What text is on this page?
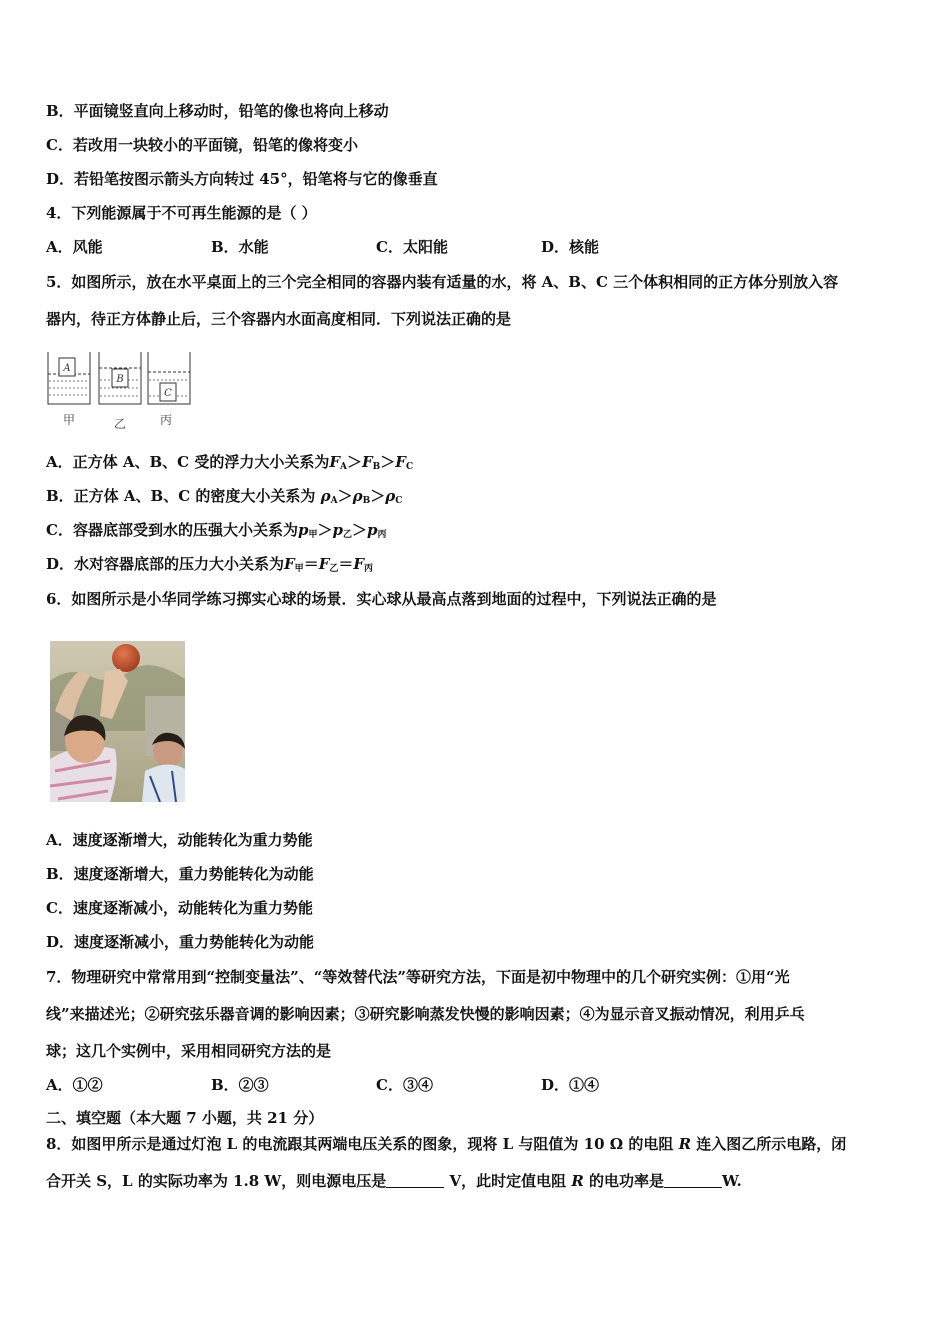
B．平面镜竖直向上移动时，铅笔的像也将向上移动
C．若改用一块较小的平面镜，铅笔的像将变小
D．若铅笔按图示箭头方向转过 45°，铅笔将与它的像垂直
4．下列能源属于不可再生能源的是（ ）
A．风能	B．水能	C．太阳能	D．核能
5．如图所示，放在水平桌面上的三个完全相同的容器内装有适量的水，将 A、B、C 三个体积相同的正方体分别放入容
器内，待正方体静止后，三个容器内水面高度相同．下列说法正确的是
A
B
C
甲	乙	丙
A．正方体 A、B、C 受的浮力大小关系为$F_A>F_B>F_C$
B．正方体 A、B、C 的密度大小关系为 $\rho_A>\rho_B>\rho_C$
C．容器底部受到水的压强大小关系为$p_甲>p_乙>p_丙$
D．水对容器底部的压力大小关系为$F_甲=F_乙=F_丙$
6．如图所示是小华同学练习掷实心球的场景．实心球从最高点落到地面的过程中，下列说法正确的是
A．速度逐渐增大，动能转化为重力势能
B．速度逐渐增大，重力势能转化为动能
C．速度逐渐减小，动能转化为重力势能
D．速度逐渐减小，重力势能转化为动能
7．物理研究中常常用到“控制变量法”、“等效替代法”等研究方法，下面是初中物理中的几个研究实例：①用“光
线”来描述光；②研究弦乐器音调的影响因素；③研究影响蒸发快慢的影响因素；④为显示音叉振动情况，利用乒乓
球；这几个实例中，采用相同研究方法的是
A．①②	B．②③	C．③④	D．①④
二、填空题（本大题 7 小题，共 21 分）
8．如图甲所示是通过灯泡 L 的电流跟其两端电压关系的图象，现将 L 与阻值为 10 Ω 的电阻 R 连入图乙所示电路，闭
合开关 S，L 的实际功率为 1.8 W，则电源电压是	V，此时定值电阻 R 的电功率是	W.
